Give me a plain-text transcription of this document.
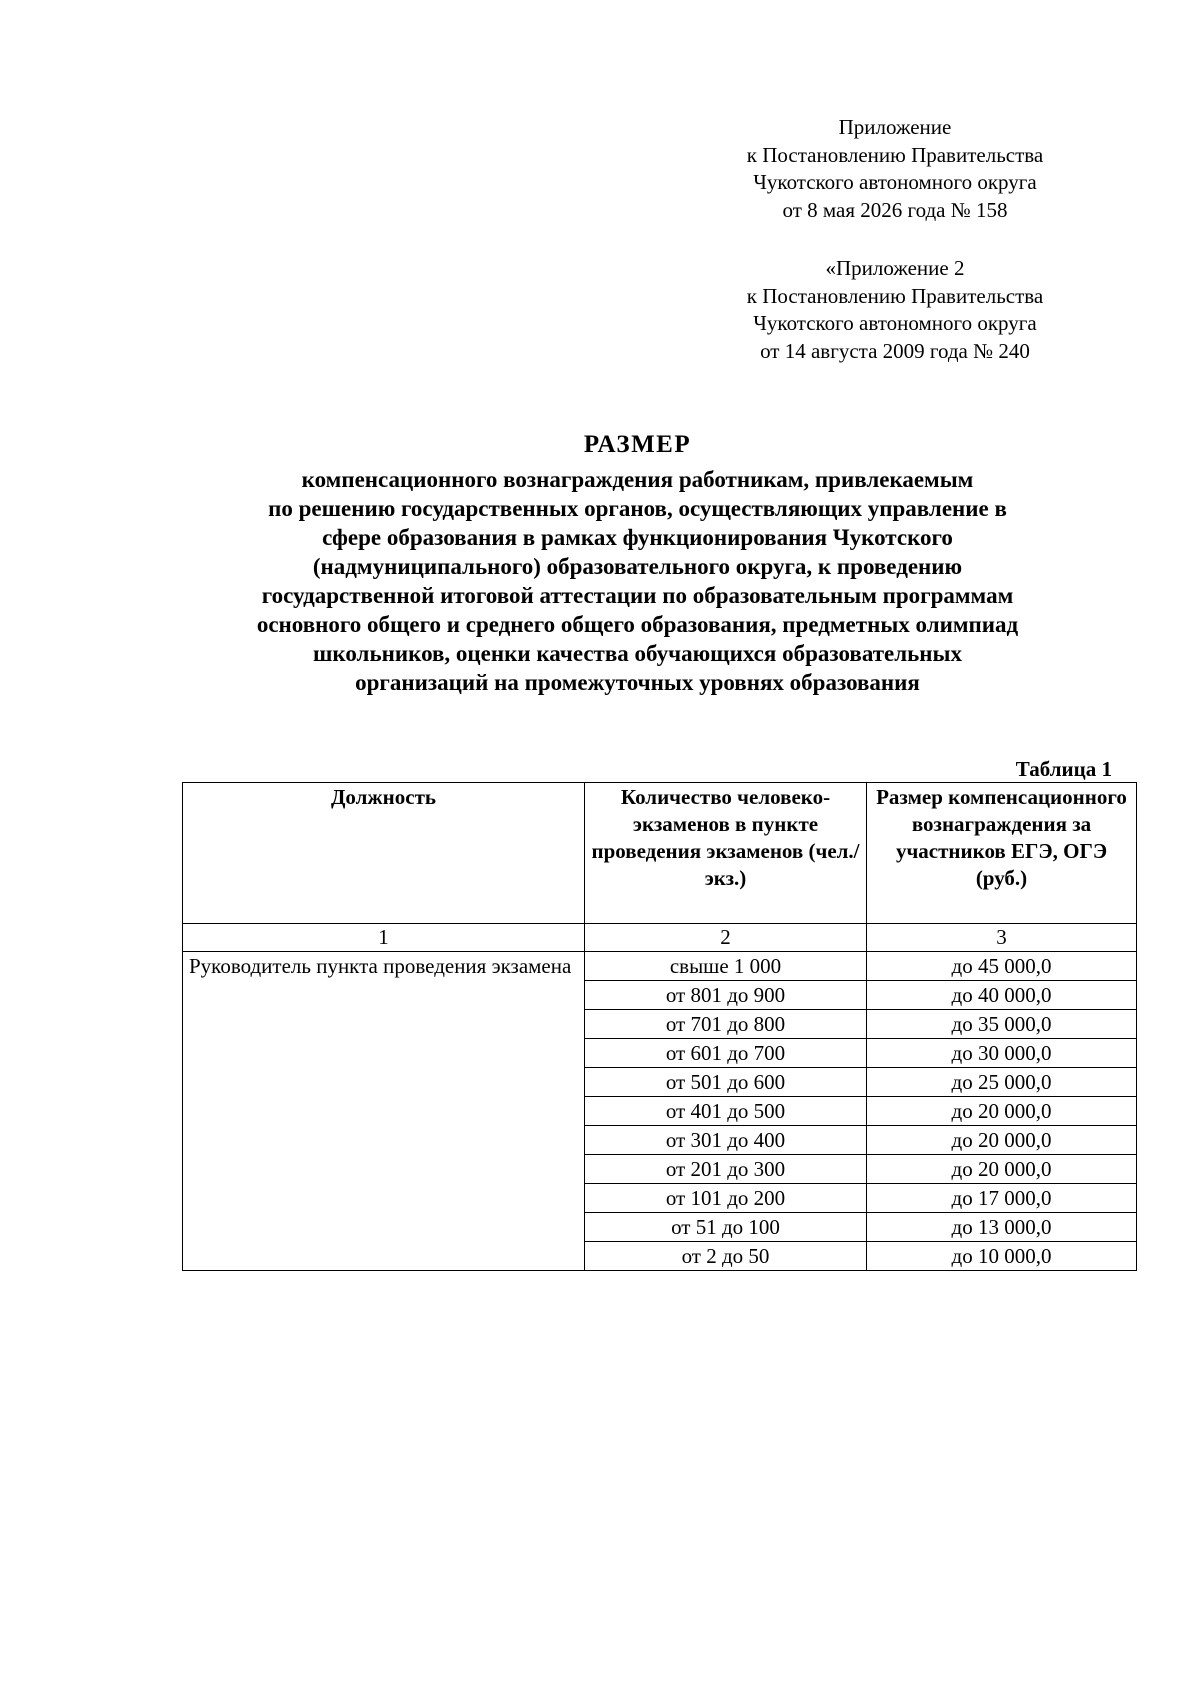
Приложение
к Постановлению Правительства
Чукотского автономного округа
от 8 мая 2026 года № 158
«Приложение 2
к Постановлению Правительства
Чукотского автономного округа
от 14 августа 2009 года № 240
РАЗМЕР
компенсационного вознаграждения работникам, привлекаемым
по решению государственных органов, осуществляющих управление в
сфере образования в рамках функционирования Чукотского
(надмуниципального) образовательного округа, к проведению
государственной итоговой аттестации по образовательным программам
основного общего и среднего общего образования, предметных олимпиад
школьников, оценки качества обучающихся образовательных
организаций на промежуточных уровнях образования
Таблица 1
Должность	Количество человеко-экзаменов в пункте проведения экзаменов (чел./экз.)	Размер компенсационного вознаграждения за участников ЕГЭ, ОГЭ (руб.)
1	2	3
Руководитель пункта проведения экзамена	свыше 1 000	до 45 000,0
	от 801 до 900	до 40 000,0
	от 701 до 800	до 35 000,0
	от 601 до 700	до 30 000,0
	от 501 до 600	до 25 000,0
	от 401 до 500	до 20 000,0
	от 301 до 400	до 20 000,0
	от 201 до 300	до 20 000,0
	от 101 до 200	до 17 000,0
	от 51 до 100	до 13 000,0
	от 2 до 50	до 10 000,0
